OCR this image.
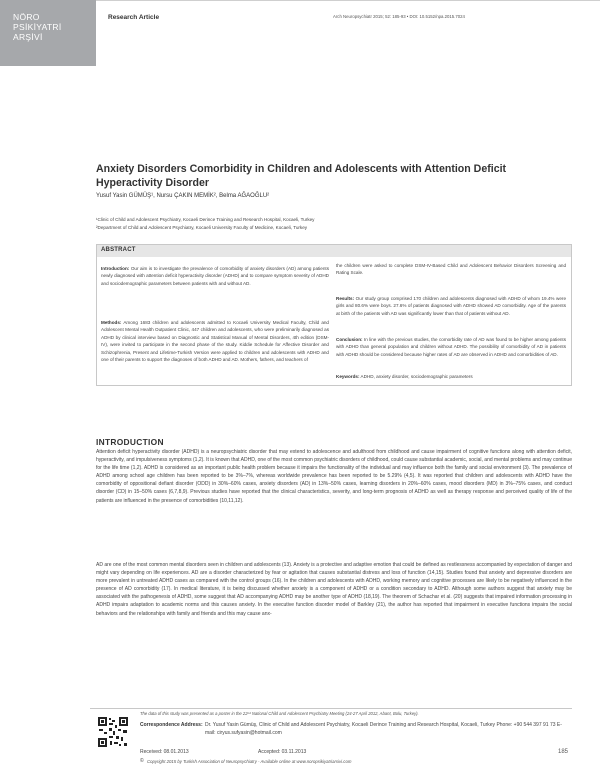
NÖRO
PSİKİYATRİ
ARŞİVİ
Research Article	Arch Neuropsychiatr 2015; 52: 185-93 • DOI: 10.5152/npa.2015.7024
Anxiety Disorders Comorbidity in Children and Adolescents with Attention Deficit Hyperactivity Disorder
Yusuf Yasin GÜMÜŞ¹, Nursu ÇAKIN MEMİK², Belma AĞAOĞLU²
¹Clinic of Child and Adolescent Psychiatry, Kocaeli Derince Training and Research Hospital, Kocaeli, Turkey
²Department of Child and Adolescent Psychiatry, Kocaeli University Faculty of Medicine, Kocaeli, Turkey
ABSTRACT
Introduction: Our aim is to investigate the prevalence of comorbidity of anxiety disorders (AD) among patients newly diagnosed with attention deficit hyperactivity disorder (ADHD) and to compare symptom severity of ADHD and sociodemographic parameters between patients with and without AD.
Methods: Among 1683 children and adolescents admitted to Kocaeli University Medical Faculty, Child and Adolescent Mental Health Outpatient Clinic, 447 children and adolescents, who were preliminarily diagnosed as ADHD by clinical interview based on Diagnostic and Statistical Manual of Mental Disorders, 4th edition (DSM-IV), were invited to participate in the second phase of the study. Kiddie Schedule for Affective Disorder and Schizophrenia, Present and Lifetime-Turkish Version were applied to children and adolescents with ADHD and one of their parents to support the diagnoses of both ADHD and AD. Mothers, fathers, and teachers of
the children were asked to complete DSM-IV-Based Child and Adolescent Behavior Disorders Screening and Rating Scale.
Results: Our study group comprised 170 children and adolescents diagnosed with ADHD of whom 19.4% were girls and 80.6% were boys. 27.6% of patients diagnosed with ADHD showed AD comorbidity. Age of the parents at birth of the patients with AD was significantly lower than that of patients without AD.
Conclusion: In line with the previous studies, the comorbidity rate of AD was found to be higher among patients with ADHD than general population and children without ADHD. The possibility of comorbidity of AD in patients with ADHD should be considered because higher rates of AD are observed in ADHD and comorbidities of AD.
Keywords: ADHD, anxiety disorder, sociodemographic parameters
INTRODUCTION
Attention deficit hyperactivity disorder (ADHD) is a neuropsychiatric disorder that may extend to adolescence and adulthood from childhood and cause impairment of cognitive functions along with attention deficit, hyperactivity, and impulsiveness symptoms (1,2). It is known that ADHD, one of the most common psychiatric disorders of childhood, could cause substantial academic, social, and mental problems and may continue for the life time (1,2). ADHD is considered as an important public health problem because it impairs the functionality of the individual and may influence both the family and social environment (3). The prevalence of ADHD among school age children has been reported to be 3%–7%, whereas worldwide prevalence has been reported to be 5.29% (4,5). It was reported that children and adolescents with ADHD have the comorbidity of oppositional defiant disorder (ODD) in 30%–60% cases, anxiety disorders (AD) in 13%–50% cases, learning disorders in 20%–60% cases, mood disorders (MD) in 3%–75% cases, and conduct disorder (CD) in 15–50% cases (6,7,8,9). Previous studies have reported that the clinical characteristics, severity, and long-term prognosis of ADHD as well as therapy response and perceived quality of life of the patients are influenced in the presence of comorbidities (10,11,12).
AD are one of the most common mental disorders seen in children and adolescents (13). Anxiety is a protective and adaptive emotion that could be defined as restlessness accompanied by expectation of danger and might vary depending on life experiences. AD are a disorder characterized by fear or agitation that causes substantial distress and loss of function (14,15). Studies found that anxiety and depressive disorders are more prevalent in untreated ADHD cases as compared with the control groups (16). In the children and adolescents with ADHD, working memory and cognitive processes are likely to be negatively influenced in the presence of AD comorbidity (17). In medical literature, it is being discussed whether anxiety is a component of ADHD or a condition secondary to ADHD. Although some authors suggest that anxiety may be associated with the pathogenesis of ADHD, some suggest that AD accompanying ADHD may be another type of ADHD (18,19). The theorem of Schachar et al. (20) suggests that impaired information processing in ADHD impairs adaptation to academic norms and this causes anxiety. In the executive function disorder model of Barkley (21), the author has reported that impairment in executive functions impairs the social behaviors and the relationships with family and friends and this may cause anx-
The data of this study was presented as a poster in the 22ⁿᵈ National Child and Adolescent Psychiatry Meeting (24-27 April 2012, Abant, Bolu, Turkey).
Correspondence Address: Dr. Yusuf Yasin Gümüş, Clinic of Child and Adolescent Psychiatry, Kocaeli Derince Training and Research Hospital, Kocaeli, Turkey Phone: +90 544 397 91 73 E-mail: ciryus.sufyasin@hotmail.com
Received: 08.01.2013	Accepted: 03.11.2013
© Copyright 2015 by Turkish Association of Neuropsychiatry - Available online at www.noropsikiyatriarsivi.com
185
